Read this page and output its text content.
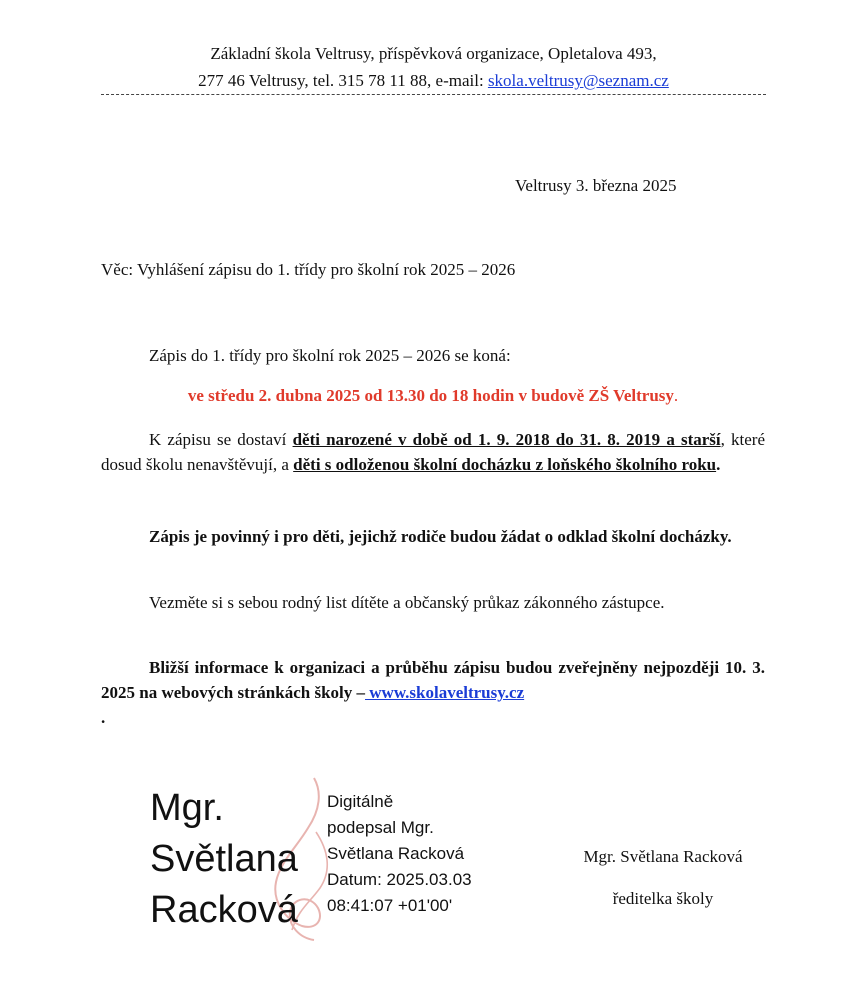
Základní škola Veltrusy, příspěvková organizace, Opletalova 493,
277 46 Veltrusy, tel. 315 78 11 88, e-mail: skola.veltrusy@seznam.cz
Veltrusy 3. března 2025
Věc: Vyhlášení zápisu do 1. třídy pro školní rok 2025 – 2026
Zápis do 1. třídy pro školní rok 2025 – 2026 se koná:
ve středu 2. dubna 2025 od 13.30 do 18 hodin v budově ZŠ Veltrusy.
K zápisu se dostaví děti narozené v době od 1. 9. 2018 do 31. 8. 2019 a starší, které dosud školu nenavštěvují, a děti s odloženou školní docházku z loňského školního roku.
Zápis je povinný i pro děti, jejichž rodiče budou žádat o odklad školní docházky.
Vezměte si s sebou rodný list dítěte a občanský průkaz zákonného zástupce.
Bližší informace k organizaci a průběhu zápisu budou zveřejněny nejpozději 10. 3. 2025 na webových stránkách školy – www.skolaveltrusy.cz
.
Mgr.
Světlana
Racková
Digitálně
podepsal Mgr.
Světlana Racková
Datum: 2025.03.03
08:41:07 +01'00'
Mgr. Světlana Racková
ředitelka školy
